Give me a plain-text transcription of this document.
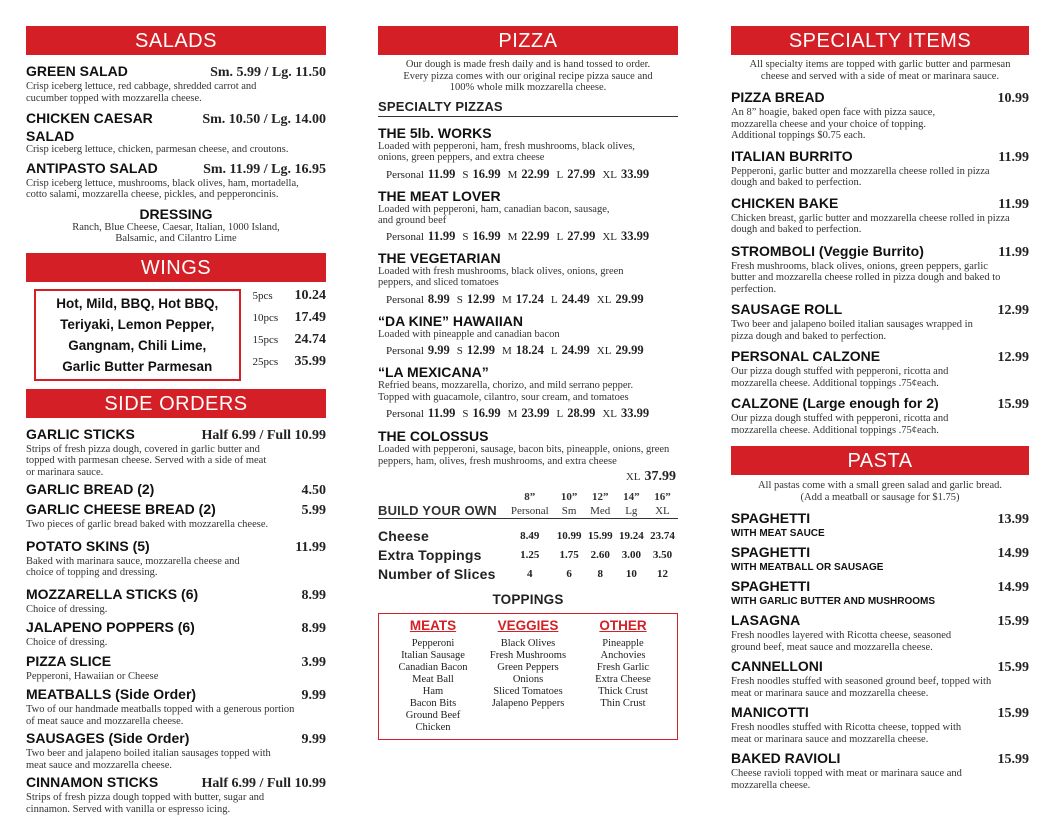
SALADS
GREEN SALAD	Sm. 5.99 / Lg. 11.50
Crisp iceberg lettuce, red cabbage, shredded carrot and cucumber topped with mozzarella cheese.
CHICKEN CAESAR	Sm. 10.50 / Lg. 14.00
SALAD
Crisp iceberg lettuce, chicken, parmesan cheese, and croutons.
ANTIPASTO SALAD	Sm. 11.99 / Lg. 16.95
Crisp iceberg lettuce, mushrooms, black olives, ham, mortadella, cotto salami, mozzarella cheese, pickles, and pepperoncinis.
DRESSING
Ranch, Blue Cheese, Caesar, Italian, 1000 Island,
Balsamic, and Cilantro Lime
WINGS
Hot, Mild, BBQ, Hot BBQ,
Teriyaki, Lemon Pepper,
Gangnam, Chili Lime,
Garlic Butter Parmesan
5pcs	10.24
10pcs	17.49
15pcs	24.74
25pcs	35.99
SIDE ORDERS
GARLIC STICKS	Half 6.99 / Full 10.99
Strips of fresh pizza dough, covered in garlic butter and topped with parmesan cheese. Served with a side of meat or marinara sauce.
GARLIC BREAD (2)	4.50
GARLIC CHEESE BREAD (2)	5.99
Two pieces of garlic bread baked with mozzarella cheese.
POTATO SKINS (5)	11.99
Baked with marinara sauce, mozzarella cheese and choice of topping and dressing.
MOZZARELLA STICKS (6)	8.99
Choice of dressing.
JALAPENO POPPERS (6)	8.99
Choice of dressing.
PIZZA SLICE	3.99
Pepperoni, Hawaiian or Cheese
MEATBALLS (Side Order)	9.99
Two of our handmade meatballs topped with a generous portion of meat sauce and mozzarella cheese.
SAUSAGES (Side Order)	9.99
Two beer and jalapeno boiled italian sausages topped with meat sauce and mozzarella cheese.
CINNAMON STICKS	Half 6.99 / Full 10.99
Strips of fresh pizza dough topped with butter, sugar and cinnamon. Served with vanilla or espresso icing.
PIZZA
Our dough is made fresh daily and is hand tossed to order.
Every pizza comes with our original recipe pizza sauce and
100% whole milk mozzarella cheese.
SPECIALTY PIZZAS
THE 5lb. WORKS
Loaded with pepperoni, ham, fresh mushrooms, black olives, onions, green peppers, and extra cheese
Personal 11.99 S 16.99 M 22.99 L 27.99 XL 33.99
THE MEAT LOVER
Loaded with pepperoni, ham, canadian bacon, sausage, and ground beef
Personal 11.99 S 16.99 M 22.99 L 27.99 XL 33.99
THE VEGETARIAN
Loaded with fresh mushrooms, black olives, onions, green peppers, and sliced tomatoes
Personal 8.99 S 12.99 M 17.24 L 24.49 XL 29.99
“DA KINE” HAWAIIAN
Loaded with pineapple and canadian bacon
Personal 9.99 S 12.99 M 18.24 L 24.99 XL 29.99
“LA MEXICANA”
Refried beans, mozzarella, chorizo, and mild serrano pepper. Topped with guacamole, cilantro, sour cream, and tomatoes
Personal 11.99 S 16.99 M 23.99 L 28.99 XL 33.99
THE COLOSSUS
Loaded with pepperoni, sausage, bacon bits, pineapple, onions, green peppers, ham, olives, fresh mushrooms, and extra cheese
XL 37.99
	8”	10”	12”	14”	16”
BUILD YOUR OWN	Personal	Sm	Med	Lg	XL

Cheese	8.49	10.99	15.99	19.24	23.74
Extra Toppings	1.25	1.75	2.60	3.00	3.50
Number of Slices	4	6	8	10	12
TOPPINGS
MEATS
Pepperoni
Italian Sausage
Canadian Bacon
Meat Ball
Ham
Bacon Bits
Ground Beef
Chicken
VEGGIES
Black Olives
Fresh Mushrooms
Green Peppers
Onions
Sliced Tomatoes
Jalapeno Peppers
OTHER
Pineapple
Anchovies
Fresh Garlic
Extra Cheese
Thick Crust
Thin Crust
SPECIALTY ITEMS
All specialty items are topped with garlic butter and parmesan
cheese and served with a side of meat or marinara sauce.
PIZZA BREAD	10.99
An 8” hoagie, baked open face with pizza sauce, mozzarella cheese and your choice of topping. Additional toppings $0.75 each.
ITALIAN BURRITO	11.99
Pepperoni, garlic butter and mozzarella cheese rolled in pizza dough and baked to perfection.
CHICKEN BAKE	11.99
Chicken breast, garlic butter and mozzarella cheese rolled in pizza dough and baked to perfection.
STROMBOLI (Veggie Burrito)	11.99
Fresh mushrooms, black olives, onions, green peppers, garlic butter and mozzarella cheese rolled in pizza dough and baked to perfection.
SAUSAGE ROLL	12.99
Two beer and jalapeno boiled italian sausages wrapped in pizza dough and baked to perfection.
PERSONAL CALZONE	12.99
Our pizza dough stuffed with pepperoni, ricotta and mozzarella cheese. Additional toppings .75¢each.
CALZONE (Large enough for 2)	15.99
Our pizza dough stuffed with pepperoni, ricotta and mozzarella cheese. Additional toppings .75¢each.
PASTA
All pastas come with a small green salad and garlic bread.
(Add a meatball or sausage for $1.75)
SPAGHETTI	13.99
WITH MEAT SAUCE
SPAGHETTI	14.99
WITH MEATBALL OR SAUSAGE
SPAGHETTI	14.99
WITH GARLIC BUTTER AND MUSHROOMS
LASAGNA	15.99
Fresh noodles layered with Ricotta cheese, seasoned ground beef, meat sauce and mozzarella cheese.
CANNELLONI	15.99
Fresh noodles stuffed with seasoned ground beef, topped with meat or marinara sauce and mozzarella cheese.
MANICOTTI	15.99
Fresh noodles stuffed with Ricotta cheese, topped with meat or marinara sauce and mozzarella cheese.
BAKED RAVIOLI	15.99
Cheese ravioli topped with meat or marinara sauce and mozzarella cheese.
